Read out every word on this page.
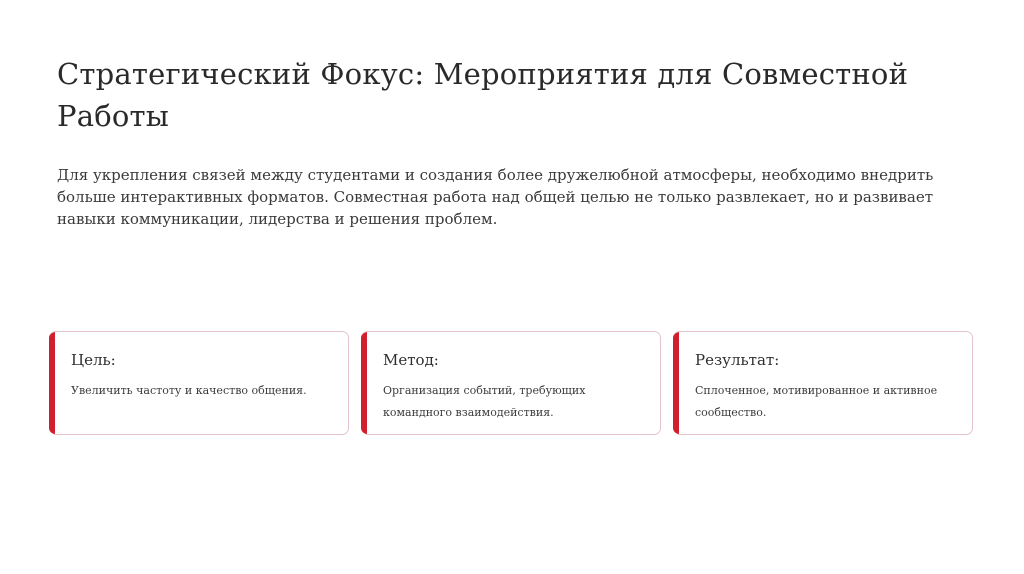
Стратегический Фокус: Мероприятия для Совместной Работы

Для укрепления связей между студентами и создания более дружелюбной атмосферы, необходимо внедрить больше интерактивных форматов. Совместная работа над общей целью не только развлекает, но и развивает навыки коммуникации, лидерства и решения проблем.

Цель:
Увеличить частоту и качество общения.
Метод:
Организация событий, требующих командного взаимодействия.
Результат:
Сплоченное, мотивированное и активное сообщество.
